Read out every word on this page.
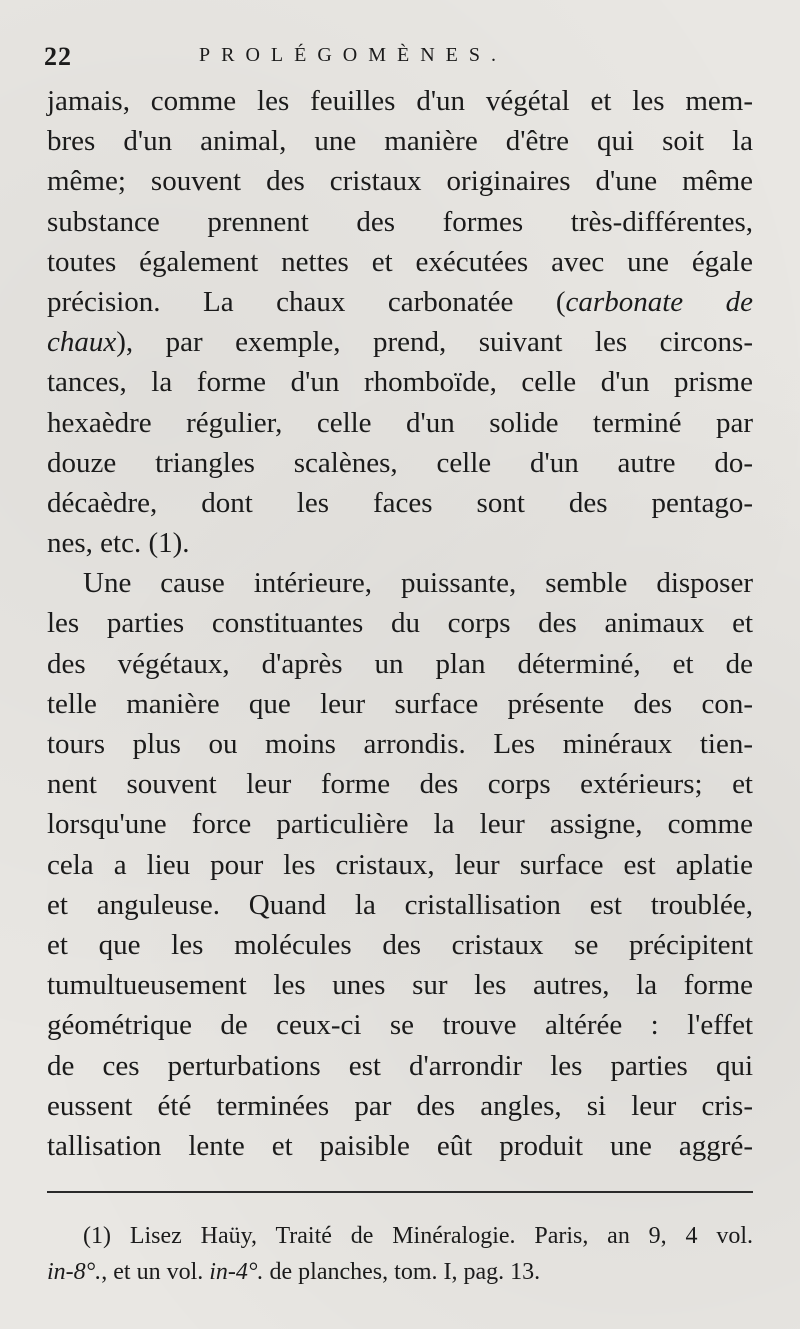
22	PROLÉGOMÈNES.
jamais, comme les feuilles d'un végétal et les mem-
bres d'un animal, une manière d'être qui soit la
même; souvent des cristaux originaires d'une même
substance prennent des formes très-différentes,
toutes également nettes et exécutées avec une égale
précision. La chaux carbonatée (carbonate de
chaux), par exemple, prend, suivant les circons-
tances, la forme d'un rhomboïde, celle d'un prisme
hexaèdre régulier, celle d'un solide terminé par
douze triangles scalènes, celle d'un autre do-
décaèdre, dont les faces sont des pentago-
nes, etc. (1).
Une cause intérieure, puissante, semble disposer
les parties constituantes du corps des animaux et
des végétaux, d'après un plan déterminé, et de
telle manière que leur surface présente des con-
tours plus ou moins arrondis. Les minéraux tien-
nent souvent leur forme des corps extérieurs; et
lorsqu'une force particulière la leur assigne, comme
cela a lieu pour les cristaux, leur surface est aplatie
et anguleuse. Quand la cristallisation est troublée,
et que les molécules des cristaux se précipitent
tumultueusement les unes sur les autres, la forme
géométrique de ceux-ci se trouve altérée : l'effet
de ces perturbations est d'arrondir les parties qui
eussent été terminées par des angles, si leur cris-
tallisation lente et paisible eût produit une aggré-
(1) Lisez Haüy, Traité de Minéralogie. Paris, an 9, 4 vol.
in-8°., et un vol. in-4°. de planches, tom. I, pag. 13.
